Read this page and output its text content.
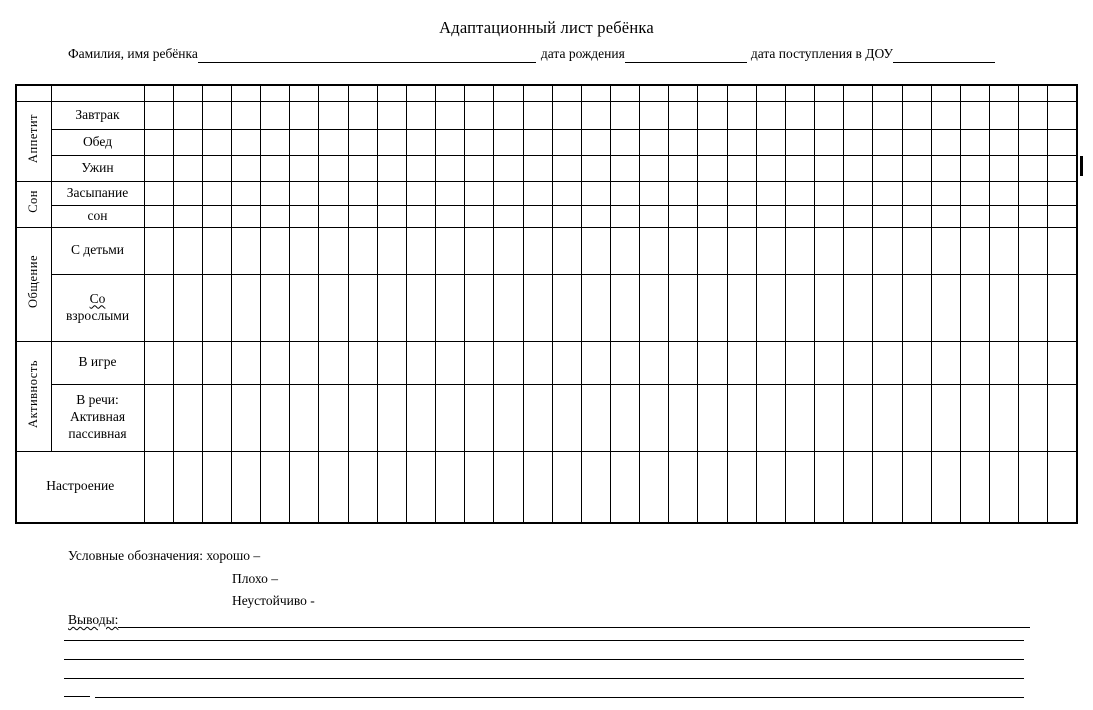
Адаптационный лист ребёнка
Фамилия, имя ребёнка	дата рождения	дата поступления в ДОУ

Аппетит	Завтрак																																

	Обед																																

	Ужин																																

Сон	Засыпание																																

	сон																																

Общение	С детьми																																

	Со
взрослыми																																

Активность	В игре																																

	В речи:
Активная
пассивная																																

Настроение																																	
Условные обозначения: хорошо –
Плохо –
Неустойчиво -
Выводы:
